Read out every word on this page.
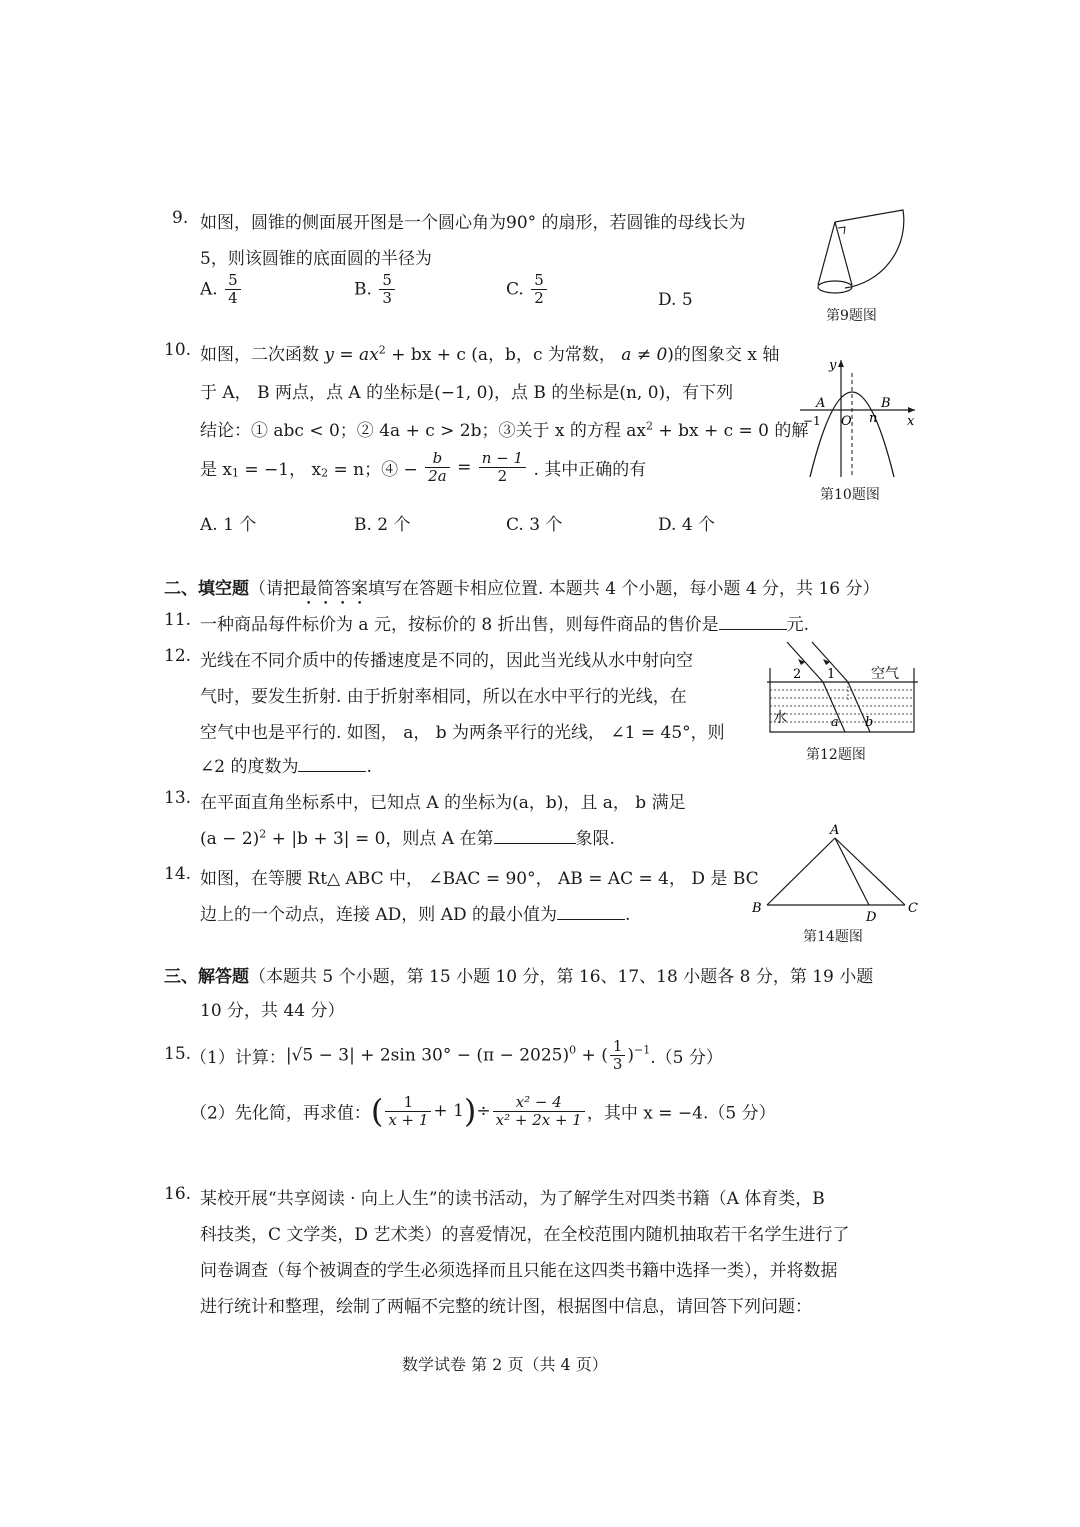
9. 如图，圆锥的侧面展开图是一个圆心角为90° 的扇形，若圆锥的母线长为
5，则该圆锥的底面圆的半径为
A. $\frac{5}{4}$	B. $\frac{5}{3}$	C. $\frac{5}{2}$	D. 5
第9题图
10. 如图，二次函数 $y = ax^2$ + bx + c (a，b，c 为常数， a ≠ 0)的图象交 x 轴
于 A， B 两点，点 A 的坐标是(−1, 0)，点 B 的坐标是(n, 0)，有下列
结论：① abc < 0；② 4a + c > 2b；③关于 x 的方程 $ax^2$ + bx + c = 0 的解
是 $x_1 = -1$， $x_2 = n$；④ − $\frac{b}{2a} = \frac{n - 1}{2}$ . 其中正确的有
A. 1 个	B. 2 个	C. 3 个	D. 4 个
y
x
A	B
O
−1	n
第10题图
二、填空题（请把最简答案填写在答题卡相应位置. 本题共 4 个小题，每小题 4 分，共 16 分）
11. 一种商品每件标价为 a 元，按标价的 8 折出售，则每件商品的售价是	元.
12. 光线在不同介质中的传播速度是不同的，因此当光线从水中射向空
气时，要发生折射. 由于折射率相同，所以在水中平行的光线，在
空气中也是平行的. 如图， a， b 为两条平行的光线， ∠1 = 45°，则
∠2 的度数为	.
空气
水
1
2
a b
第12题图
13. 在平面直角坐标系中，已知点 A 的坐标为(a，b)，且 a， b 满足
$(a - 2)^2 + |b + 3| = 0$，则点 A 在第	象限.
14. 如图，在等腰 Rt△ ABC 中， ∠BAC = 90°， AB = AC = 4， D 是 BC
边上的一个动点，连接 AD，则 AD 的最小值为	.
A
B	C
D
第14题图
三、解答题（本题共 5 个小题，第 15 小题 10 分，第 16、17、18 小题各 8 分，第 19 小题
10 分，共 44 分）
15.
（1）计算：|√5 − 3| + 2sin $30^\circ - (\pi - 2025)^0$ + ( $\frac{1}{3} )^{-1}.(5$ 分）
（2）先化简，再求值：( $\frac{1}{x + 1} + 1)\div \frac{\text{x² − 4}}{\text{x² + 2x + 1}}$ ，其中 x = −4.（5 分）
16. 某校开展“共享阅读 · 向上人生”的读书活动，为了解学生对四类书籍（A 体育类，B
科技类，C 文学类，D 艺术类）的喜爱情况，在全校范围内随机抽取若干名学生进行了
问卷调查（每个被调查的学生必须选择而且只能在这四类书籍中选择一类），并将数据
进行统计和整理，绘制了两幅不完整的统计图，根据图中信息，请回答下列问题：
数学试卷 第 2 页（共 4 页）
